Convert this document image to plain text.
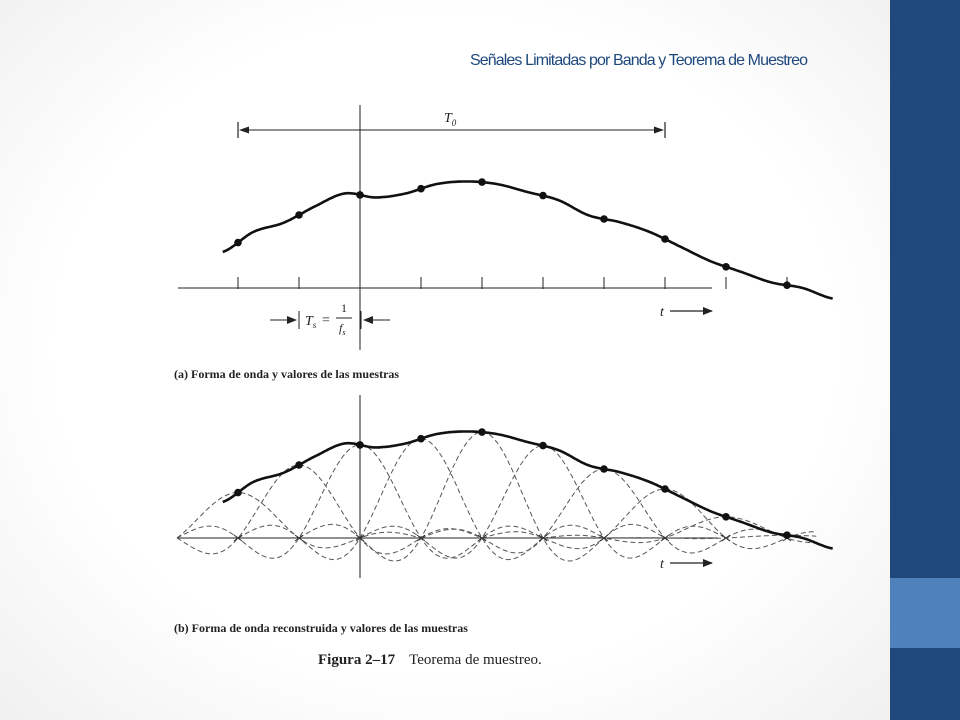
Señales Limitadas por Banda y Teorema de Muestreo
$T_0$
t
$T_s$ =
1
$f_s$
(a) Forma de onda y valores de las muestras
t
(b) Forma de onda reconstruida y valores de las muestras
Figura 2–17 Teorema de muestreo.
